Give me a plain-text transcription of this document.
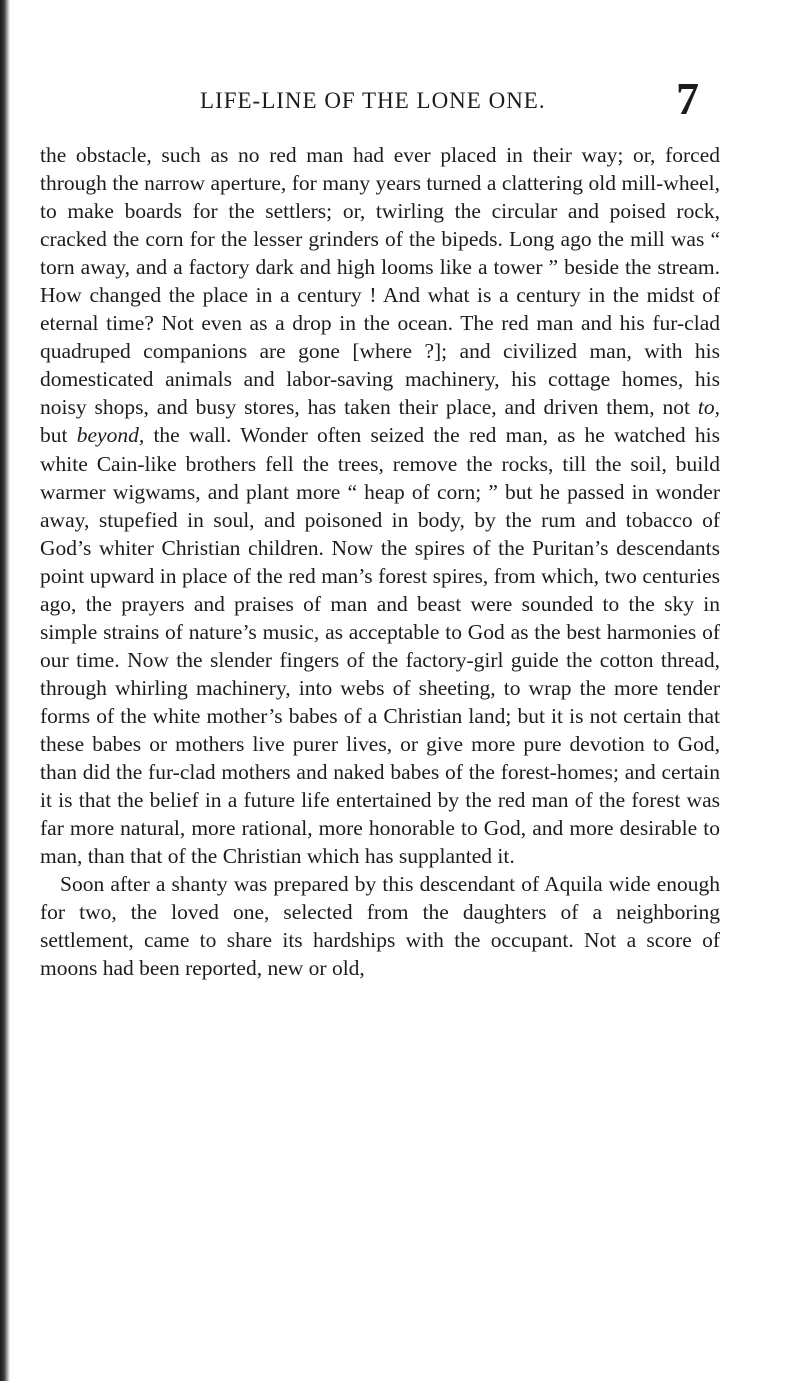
LIFE-LINE OF THE LONE ONE.	7

the obstacle, such as no red man had ever placed in their way; or, forced through the narrow aperture, for many years turned a clattering old mill-wheel, to make boards for the settlers; or, twirling the circular and poised rock, cracked the corn for the lesser grinders of the bipeds. Long ago the mill was “ torn away, and a factory dark and high looms like a tower ” beside the stream. How changed the place in a century ! And what is a century in the midst of eternal time? Not even as a drop in the ocean. The red man and his fur-clad quadruped companions are gone [where ?]; and civilized man, with his domesticated animals and labor-saving machinery, his cottage homes, his noisy shops, and busy stores, has taken their place, and driven them, not to, but beyond, the wall. Wonder often seized the red man, as he watched his white Cain-like brothers fell the trees, remove the rocks, till the soil, build warmer wigwams, and plant more “ heap of corn; ” but he passed in wonder away, stupefied in soul, and poisoned in body, by the rum and tobacco of God’s whiter Christian children. Now the spires of the Puritan’s descendants point upward in place of the red man’s forest spires, from which, two centuries ago, the prayers and praises of man and beast were sounded to the sky in simple strains of nature’s music, as acceptable to God as the best harmonies of our time. Now the slender fingers of the factory-girl guide the cotton thread, through whirling machinery, into webs of sheeting, to wrap the more tender forms of the white mother’s babes of a Christian land; but it is not certain that these babes or mothers live purer lives, or give more pure devotion to God, than did the fur-clad mothers and naked babes of the forest-homes; and certain it is that the belief in a future life entertained by the red man of the forest was far more natural, more rational, more honorable to God, and more desirable to man, than that of the Christian which has supplanted it.

Soon after a shanty was prepared by this descendant of Aquila wide enough for two, the loved one, selected from the daughters of a neighboring settlement, came to share its hardships with the occupant. Not a score of moons had been reported, new or old,
